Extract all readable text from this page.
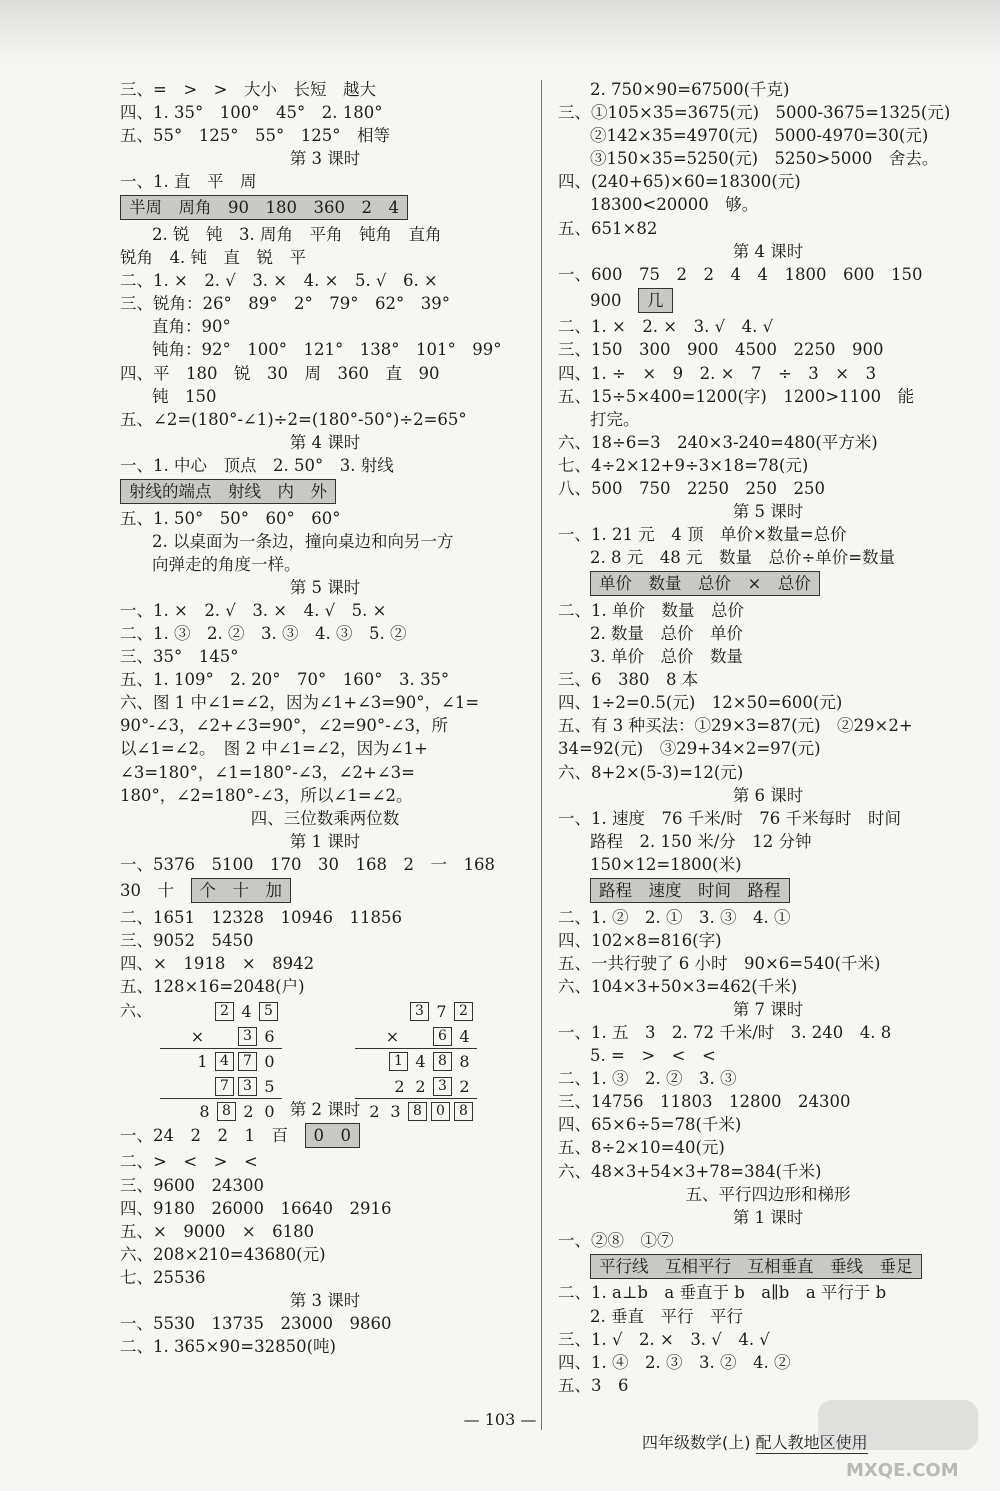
三、=　>　>　大小　长短　越大
四、1. 35°　100°　45°　2. 180°
五、55°　125°　55°　125°　相等
第 3 课时
一、1. 直　平　周
半周　周角　90　180　360　2　4
2. 锐　钝　3. 周角　平角　钝角　直角
锐角　4. 钝　直　锐　平
二、1. ×　2. √　3. ×　4. ×　5. √　6. ×
三、锐角：26°　89°　2°　79°　62°　39°
直角：90°
钝角：92°　100°　121°　138°　101°　99°
四、平　180　锐　30　周　360　直　90
钝　150
五、∠2=(180°-∠1)÷2=(180°-50°)÷2=65°
第 4 课时
一、1. 中心　顶点　2. 50°　3. 射线
射线的端点　射线　内　外
五、1. 50°　50°　60°　60°
2. 以桌面为一条边，撞向桌边和向另一方
向弹走的角度一样。
第 5 课时
一、1. ×　2. √　3. ×　4. √　5. ×
二、1. ③　2. ②　3. ③　4. ③　5. ②
三、35°　145°
五、1. 109°　2. 20°　70°　160°　3. 35°
六、图 1 中∠1=∠2，因为∠1+∠3=90°，∠1=
90°-∠3，∠2+∠3=90°，∠2=90°-∠3，所
以∠1=∠2。　图 2 中∠1=∠2，因为∠1+
∠3=180°，∠1=180°-∠3，∠2+∠3=
180°，∠2=180°-∠3，所以∠1=∠2。
四、三位数乘两位数
第 1 课时
一、5376　5100　170　30　168　2　一　168
30　十　个　十　加
二、1651　12328　10946　11856
三、9052　5450
四、×　1918　×　8942
五、128×16=2048(户)
六、	2 4 5
×	3 6
1 4 7 0
7 3 5
8 8 2 0
3 7 2
×	6 4
1 4 8 8
2 2 3 2
2 3 8 0 8
第 2 课时
一、24　2　2　1　百　0　0
二、>　<　>　<
三、9600　24300
四、9180　26000　16640　2916
五、×　9000　×　6180
六、208×210=43680(元)
七、25536
第 3 课时
一、5530　13735　23000　9860
二、1. 365×90=32850(吨)
2. 750×90=67500(千克)
三、①105×35=3675(元)　5000-3675=1325(元)
②142×35=4970(元)　5000-4970=30(元)
③150×35=5250(元)　5250>5000　舍去。
四、(240+65)×60=18300(元)
18300<20000　够。
五、651×82
第 4 课时
一、600　75　2　2　4　4　1800　600　150
900　几
二、1. ×　2. ×　3. √　4. √
三、150　300　900　4500　2250　900
四、1. ÷　×　9　2. ×　7　÷　3　×　3
五、15÷5×400=1200(字)　1200>1100　能
打完。
六、18÷6=3　240×3-240=480(平方米)
七、4÷2×12+9÷3×18=78(元)
八、500　750　2250　250　250
第 5 课时
一、1. 21 元　4 顶　单价×数量=总价
2. 8 元　48 元　数量　总价÷单价=数量
单价　数量　总价　×　总价
二、1. 单价　数量　总价
2. 数量　总价　单价
3. 单价　总价　数量
三、6　380　8 本
四、1÷2=0.5(元)　12×50=600(元)
五、有 3 种买法：①29×3=87(元)　②29×2+
34=92(元)　③29+34×2=97(元)
六、8+2×(5-3)=12(元)
第 6 课时
一、1. 速度　76 千米/时　76 千米每时　时间
路程　2. 150 米/分　12 分钟
150×12=1800(米)
路程　速度　时间　路程
二、1. ②　2. ①　3. ③　4. ①
四、102×8=816(字)
五、一共行驶了 6 小时　90×6=540(千米)
六、104×3+50×3=462(千米)
第 7 课时
一、1. 五　3　2. 72 千米/时　3. 240　4. 8
5. =　>　<　<
二、1. ③　2. ②　3. ③
三、14756　11803　12800　24300
四、65×6÷5=78(千米)
五、8÷2×10=40(元)
六、48×3+54×3+78=384(千米)
五、平行四边形和梯形
第 1 课时
一、②⑧　①⑦
平行线　互相平行　互相垂直　垂线　垂足
二、1. a⊥b　a 垂直于 b　a∥b　a 平行于 b
2. 垂直　平行　平行
三、1. √　2. ×　3. √　4. √
四、1. ④　2. ③　3. ②　4. ②
五、3　6
— 103 —
四年级数学(上) 配人教地区使用
MXQE.COM
